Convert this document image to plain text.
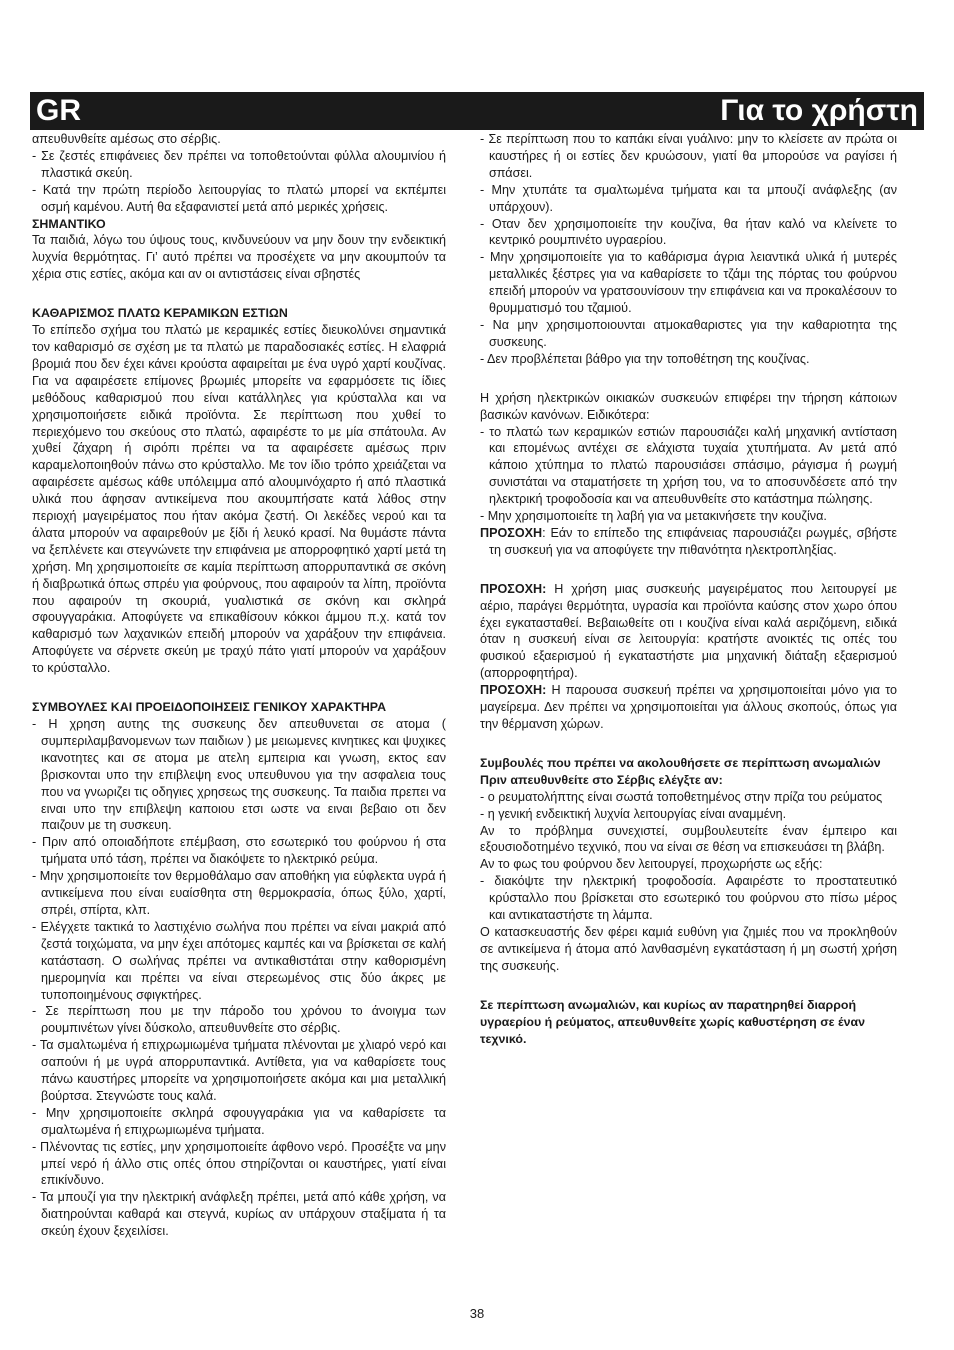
GR	Για το χρήστη

απευθυνθείτε αμέσως στο σέρβις.

- Σε ζεστές επιφάνειες δεν πρέπει να τοποθετούνται φύλλα αλουμινίου ή πλαστικά σκεύη.

- Κατά την πρώτη περίοδο λειτουργίας το πλατώ μπορεί να εκπέμπει οσμή καμένου. Αυτή θα εξαφανιστεί μετά από μερικές χρήσεις.

ΣΗΜΑΝΤΙΚΟ

Τα παιδιά, λόγω του ύψους τους, κινδυνεύουν να μην δουν την ενδεικτική λυχνία θερμότητας. Γι’ αυτό πρέπει να προσέχετε να μην ακουμπούν τα χέρια στις εστίες, ακόμα και αν οι αντιστάσεις είναι σβηστές

ΚΑΘΑΡΙΣΜΟΣ ΠΛΑΤΩ ΚΕΡΑΜΙΚΩΝ ΕΣΤΙΩΝ

Το επίπεδο σχήμα του πλατώ με κεραμικές εστίες διευκολύνει σημαντικά τον καθαρισμό σε σχέση με τα πλατώ με παραδοσιακές εστίες. Η ελαφριά βρομιά που δεν έχει κάνει κρούστα αφαιρείται με ένα υγρό χαρτί κουζίνας. Για να αφαιρέσετε επίμονες βρωμιές μπορείτε να εφαρμόσετε τις ίδιες μεθόδους καθαρισμού που είναι κατάλληλες για κρύσταλλα και να χρησιμοποιήσετε ειδικά προϊόντα. Σε περίπτωση που χυθεί το περιεχόμενο του σκεύους στο πλατώ, αφαιρέστε το με μία σπάτουλα. Αν χυθεί ζάχαρη ή σιρόπι πρέπει να τα αφαιρέσετε αμέσως πριν καραμελοποιηθούν πάνω στο κρύσταλλο. Με τον ίδιο τρόπο χρειάζεται να αφαιρέσετε αμέσως κάθε υπόλειμμα από αλουμινόχαρτο ή από πλαστικά υλικά που άφησαν αντικείμενα που ακουμπήσατε κατά λάθος στην περιοχή μαγειρέματος που ήταν ακόμα ζεστή. Οι λεκέδες νερού και τα άλατα μπορούν να αφαιρεθούν με ξίδι ή λευκό κρασί. Να θυμάστε πάντα να ξεπλένετε και στεγνώνετε την επιφάνεια με απορροφητικό χαρτί μετά τη χρήση. Μη χρησιμοποιείτε σε καμία περίπτωση απορρυπαντικά σε σκόνη ή διαβρωτικά όπως σπρέυ για φούρνους, που αφαιρούν τα λίπη, προϊόντα που αφαιρούν τη σκουριά, γυαλιστικά σε σκόνη και σκληρά σφουγγαράκια. Αποφύγετε να επικαθίσουν κόκκοι άμμου π.χ. κατά τον καθαρισμό των λαχανικών επειδή μπορούν να χαράξουν την επιφάνεια. Αποφύγετε να σέρνετε σκεύη με τραχύ πάτο γιατί μπορούν να χαράξουν το κρύσταλλο.

ΣΥΜΒΟΥΛΕΣ ΚΑΙ ΠΡΟΕΙΔΟΠΟΙΗΣΕΙΣ ΓΕΝΙΚΟΥ ΧΑΡΑΚΤΗΡΑ

- Η χρηση αυτης της συσκευης δεν απευθυνεται σε ατομα ( συμπεριλαμβανομενων των παιδιων ) με μειωμενες κινητικες και ψυχικες ικανοτητες και σε ατομα με ατελη εμπειρια και γνωση, εκτος εαν βρισκονται υπο την επιβλεψη ενος υπευθυνου για την ασφαλεια τους που να γνωριζει τις οδηγιες χρησεως της συσκευης. Τα παιδια πρεπει να ειναι υπο την επιβλεψη καποιου ετσι ωστε να ειναι βεβαιο οτι δεν παιζουν με τη συσκευη.

- Πριν από οποιαδήποτε επέμβαση, στο εσωτερικό του φούρνου ή στα τμήματα υπό τάση, πρέπει να διακόψετε το ηλεκτρικό ρεύμα.

- Μην χρησιμοποιείτε τον θερμοθάλαμο σαν αποθήκη για εύφλεκτα υγρά ή αντικείμενα που είναι ευαίσθητα στη θερμοκρασία, όπως ξύλο, χαρτί, σπρέι, σπίρτα, κλπ.

- Ελέγχετε τακτικά το λαστιχένιο σωλήνα που πρέπει να είναι μακριά από ζεστά τοιχώματα, να μην έχει απότομες καμπές και να βρίσκεται σε καλή κατάσταση. Ο σωλήνας πρέπει να αντικαθιστάται στην καθορισμένη ημερομηνία και πρέπει να είναι στερεωμένος στις δύο άκρες με τυποποιημένους σφιγκτήρες.

- Σε περίπτωση που με την πάροδο του χρόνου το άνοιγμα των ρουμπινέτων γίνει δύσκολο, απευθυνθείτε στο σέρβις.

- Τα σμαλτωμένα ή επιχρωμιωμένα τμήματα πλένονται με χλιαρό νερό και σαπούνι ή με υγρά απορρυπαντικά. Αντίθετα, για να καθαρίσετε τους πάνω καυστήρες μπορείτε να χρησιμοποιήσετε ακόμα και μια μεταλλική βούρτσα. Στεγνώστε τους καλά.

- Μην χρησιμοποιείτε σκληρά σφουγγαράκια για να καθαρίσετε τα σμαλτωμένα ή επιχρωμιωμένα τμήματα.

- Πλένοντας τις εστίες, μην χρησιμοποιείτε άφθονο νερό. Προσέξτε να μην μπεί νερό ή άλλο στις οπές όπου στηρίζονται οι καυστήρες, γιατί είναι επικίνδυνο.

- Τα μπουζί για την ηλεκτρική ανάφλεξη πρέπει, μετά από κάθε χρήση, να διατηρούνται καθαρά και στεγνά, κυρίως αν υπάρχουν σταξίματα ή τα σκεύη έχουν ξεχειλίσει.

- Σε περίπτωση που το καπάκι είναι γυάλινο: μην το κλείσετε αν πρώτα οι καυστήρες ή οι εστίες δεν κρυώσουν, γιατί θα μπορούσε να ραγίσει ή σπάσει.

- Μην χτυπάτε τα σμαλτωμένα τμήματα και τα μπουζί ανάφλεξης (αν υπάρχουν).

- Οταν δεν χρησιμοποιείτε την κουζίνα, θα ήταν καλό να κλείνετε το κεντρικό ρουμπινέτο υγραερίου.

- Μην χρησιμοποιείτε για το καθάρισμα άγρια λειαντικά υλικά ή μυτερές μεταλλικές ξέστρες για να καθαρίσετε το τζάμι της πόρτας του φούρνου επειδή μπορούν να γρατσουνίσουν την επιφάνεια και να προκαλέσουν το θρυμματισμό του τζαμιού.

- Να μην χρησιμοποιουνται ατμοκαθαριστες για την καθαριοτητα της συσκευης.

- Δεν προβλέπεται βάθρο για την τοποθέτηση της κουζίνας.

Η χρήση ηλεκτρικών οικιακών συσκευών επιφέρει την τήρηση κάποιων βασικών κανόνων. Ειδικότερα:

- το πλατώ των κεραμικών εστιών παρουσιάζει καλή μηχανική αντίσταση και επομένως αντέχει σε ελάχιστα τυχαία χτυπήματα. Αν μετά από κάποιο χτύπημα το πλατώ παρουσιάσει σπάσιμο, ράγισμα ή ρωγμή συνιστάται να σταματήσετε τη χρήση του, να το αποσυνδέσετε από την ηλεκτρική τροφοδοσία και να απευθυνθείτε στο κατάστημα πώλησης.

- Μην χρησιμοποιείτε τη λαβή για να μετακινήσετε την κουζίνα.

ΠΡΟΣΟΧΗ: Εάν το επίπεδο της επιφάνειας παρουσιάζει ρωγμές, σβήστε τη συσκευή για να αποφύγετε την πιθανότητα ηλεκτροπληξίας.

ΠΡΟΣΟΧΗ: Η χρήση μιας συσκευής μαγειρέματος που λειτουργεί με αέριο, παράγει θερμότητα, υγρασία και προϊόντα καύσης στον χωρο όπου έχει εγκατασταθεί. Βεβαιωθείτε οτι ι κουζίνα είναι καλά αεριζόμενη, ειδικά όταν η συσκευή είναι σε λειτουργία: κρατήστε ανοικτές τις οπές του φυσικού εξαερισμού ή εγκαταστήστε μια μηχανική διάταξη εξαερισμού (απορροφητήρα).

ΠΡΟΣΟΧΗ: Η παρουσα συσκευή πρέπει να χρησιμοποιείται μόνο για το μαγείρεμα. Δεν πρέπει να χρησιμοποιείται για άλλους σκοπούς, όπως για την θέρμανση χώρων.

Συμβουλές που πρέπει να ακολουθήσετε σε περίπτωση ανωμαλιών Πριν απευθυνθείτε στο Σέρβις ελέγξτε αν:

- ο ρευματολήπτης είναι σωστά τοποθετημένος στην πρίζα του ρεύματος

- η γενική ενδεικτική λυχνία λειτουργίας είναι αναμμένη.

Αν το πρόβλημα συνεχιστεί, συμβουλευτείτε έναν έμπειρο και εξουσιοδοτημένο τεχνικό, που να είναι σε θέση να επισκευάσει τη βλάβη.

Αν το φως του φούρνου δεν λειτουργεί, προχωρήστε ως εξής:

- διακόψτε την ηλεκτρική τροφοδοσία. Αφαιρέστε το προστατευτικό κρύσταλλο που βρίσκεται στο εσωτερικό του φούρνου στο πίσω μέρος και αντικαταστήστε τη λάμπα.

Ο κατασκευαστής δεν φέρει καμιά ευθύνη για ζημιές που να προκληθούν σε αντικείμενα ή άτομα από λανθασμένη εγκατάσταση ή μη σωστή χρήση της συσκευής.

Σε περίπτωση ανωμαλιών, και κυρίως αν παρατηρηθεί διαρροή υγραερίου ή ρεύματος, απευθυνθείτε χωρίς καθυστέρηση σε έναν τεχνικό.

38
